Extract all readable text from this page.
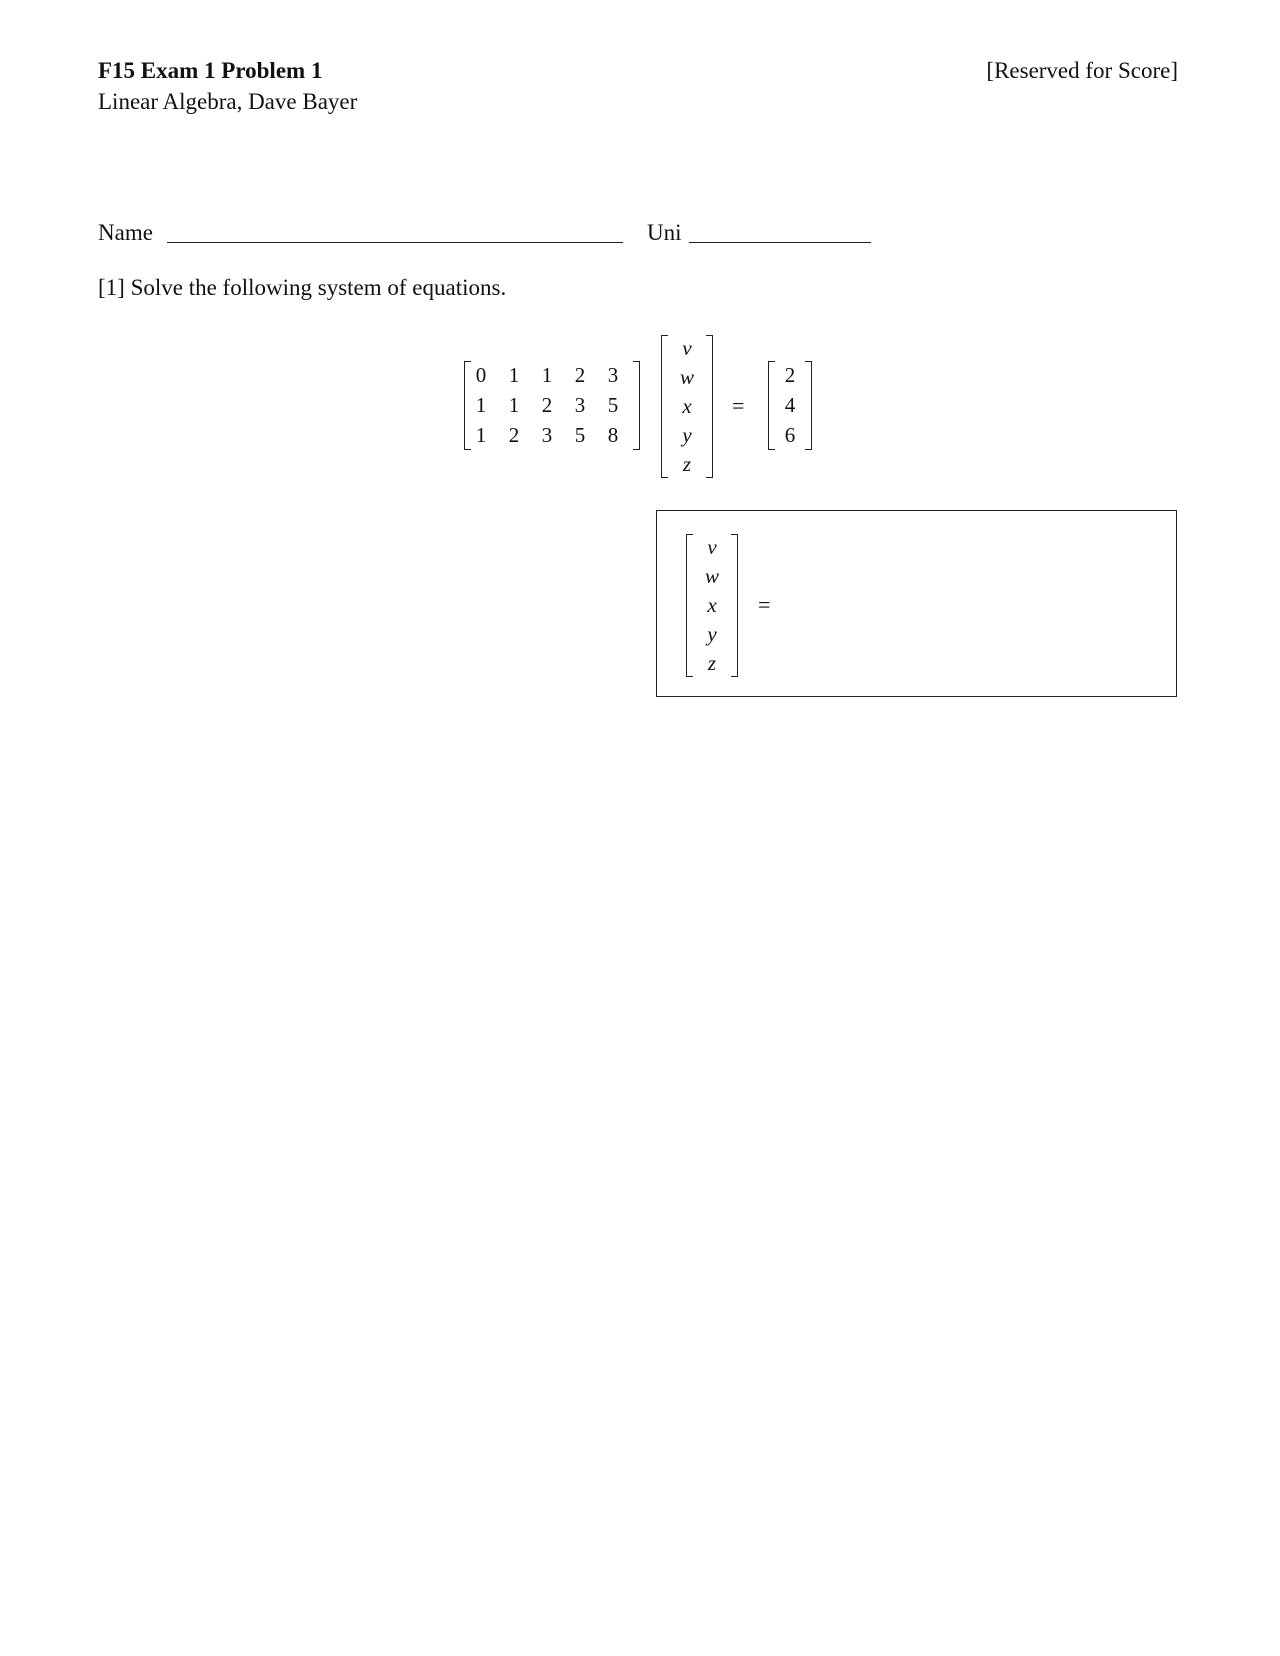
F15 Exam 1 Problem 1
Linear Algebra, Dave Bayer
[Reserved for Score]
Name	Uni
[1] Solve the following system of equations.
0	1	1	2	3
1	1	2	3	5
1	2	3	5	8
v
w
x
y
z
=
2
4
6
v
w
x
y
z
=
